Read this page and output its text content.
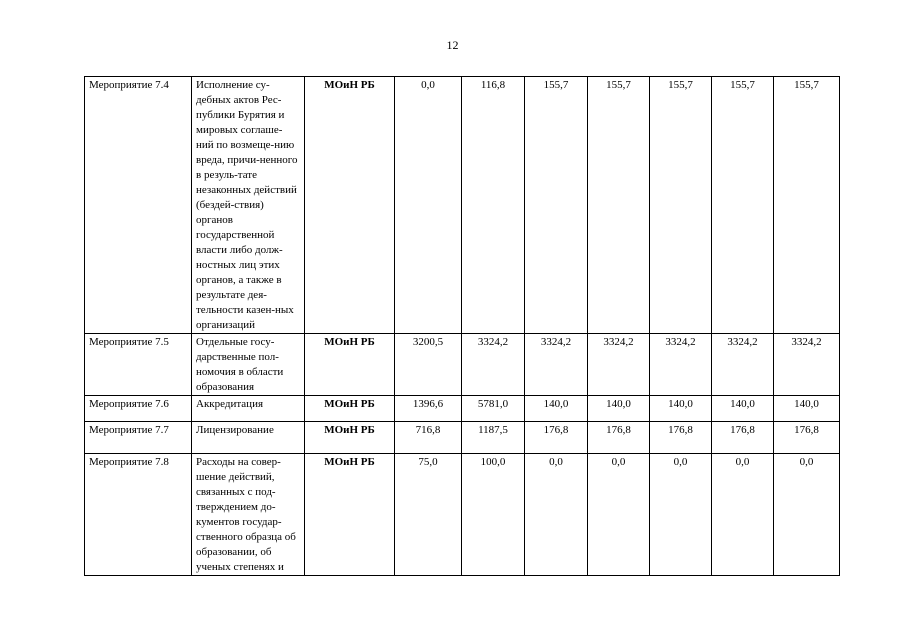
12
Мероприятие 7.4	Исполнение су-дебных актов Рес-публики Бурятия и мировых соглаше-ний по возмеще-нию вреда, причи-ненного в резуль-тате незаконных действий (бездей-ствия) органов государственной власти либо долж-ностных лиц этих органов, а также в результате дея-тельности казен-ных организаций	МОиН РБ	0,0	116,8	155,7	155,7	155,7	155,7	155,7
Мероприятие 7.5	Отдельные госу-дарственные пол-номочия в области образования	МОиН РБ	3200,5	3324,2	3324,2	3324,2	3324,2	3324,2	3324,2
Мероприятие 7.6	Аккредитация	МОиН РБ	1396,6	5781,0	140,0	140,0	140,0	140,0	140,0
Мероприятие 7.7	Лицензирование	МОиН РБ	716,8	1187,5	176,8	176,8	176,8	176,8	176,8
Мероприятие 7.8	Расходы на совер-шение действий, связанных с под-тверждением до-кументов государ-ственного образца об образовании, об ученых степенях и	МОиН РБ	75,0	100,0	0,0	0,0	0,0	0,0	0,0
